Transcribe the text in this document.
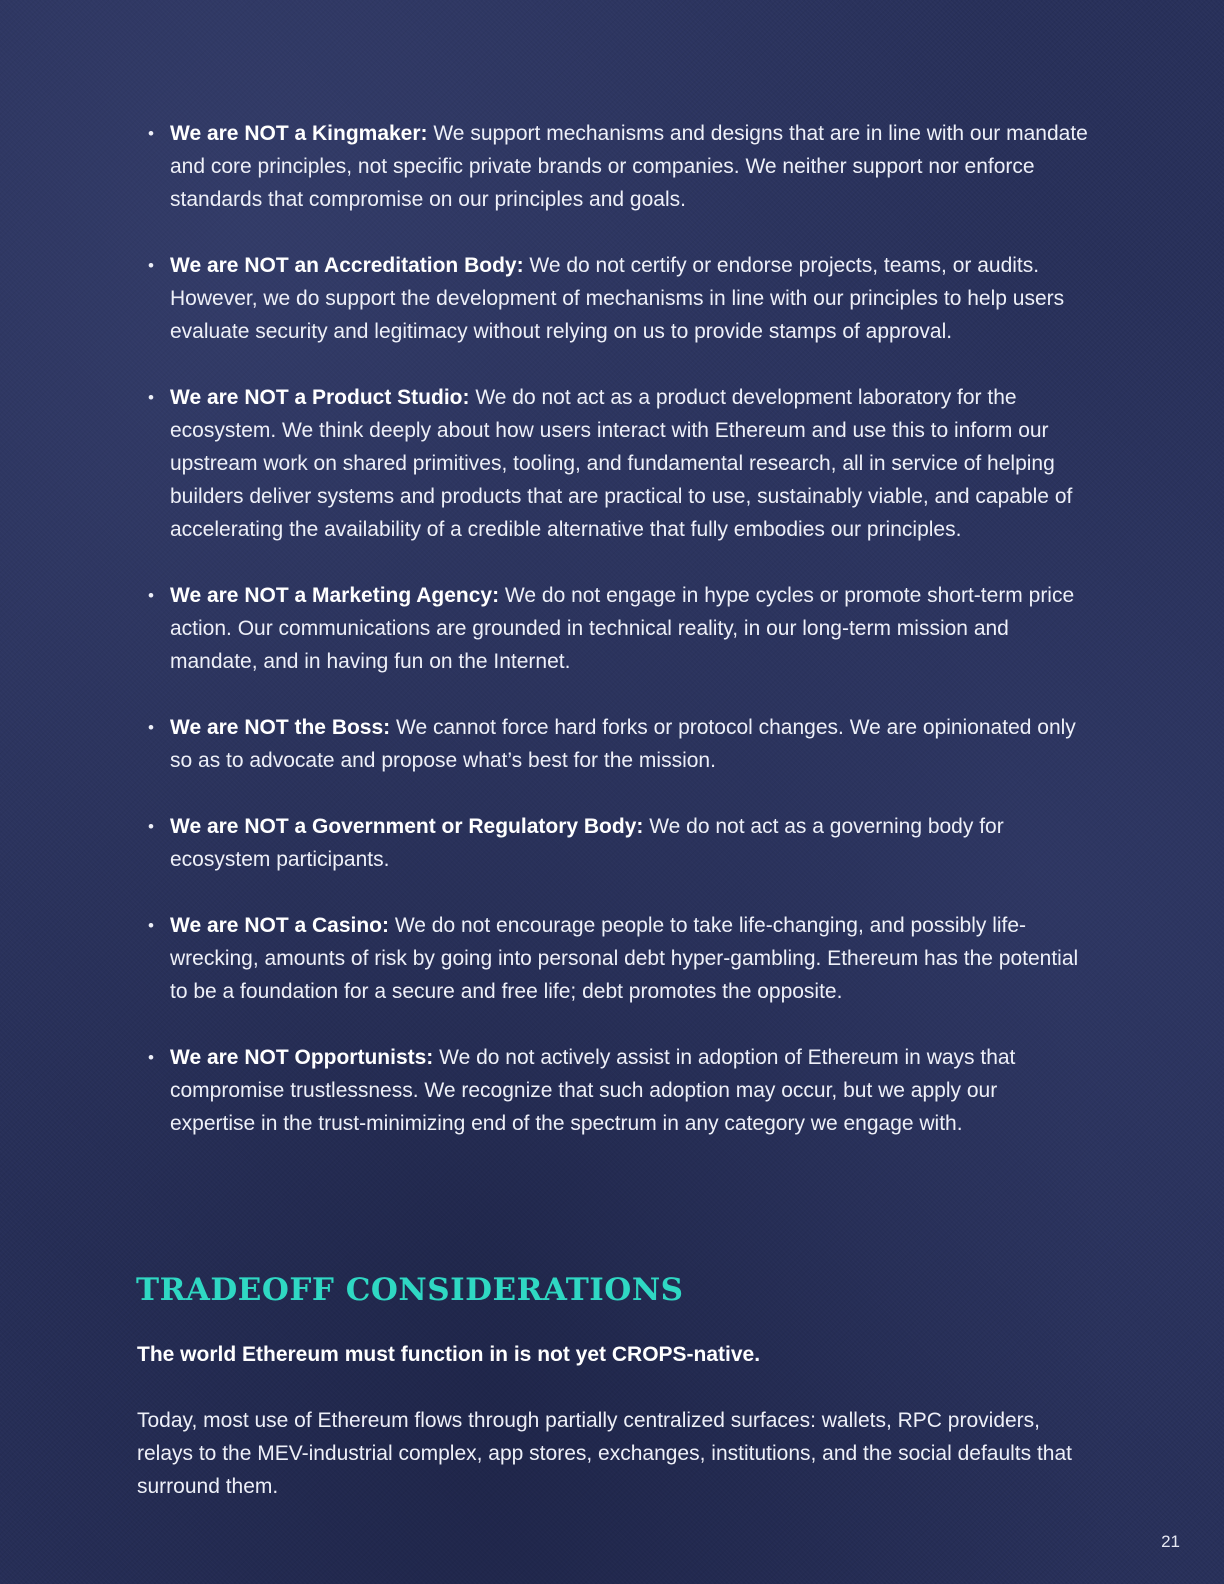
• We are NOT a Kingmaker: We support mechanisms and designs that are in line with our mandate and core principles, not specific private brands or companies. We neither support nor enforce standards that compromise on our principles and goals.
• We are NOT an Accreditation Body: We do not certify or endorse projects, teams, or audits. However, we do support the development of mechanisms in line with our principles to help users evaluate security and legitimacy without relying on us to provide stamps of approval.
• We are NOT a Product Studio: We do not act as a product development laboratory for the ecosystem. We think deeply about how users interact with Ethereum and use this to inform our upstream work on shared primitives, tooling, and fundamental research, all in service of helping builders deliver systems and products that are practical to use, sustainably viable, and capable of accelerating the availability of a credible alternative that fully embodies our principles.
• We are NOT a Marketing Agency: We do not engage in hype cycles or promote short-term price action. Our communications are grounded in technical reality, in our long-term mission and mandate, and in having fun on the Internet.
• We are NOT the Boss: We cannot force hard forks or protocol changes. We are opinionated only so as to advocate and propose what’s best for the mission.
• We are NOT a Government or Regulatory Body: We do not act as a governing body for ecosystem participants.
• We are NOT a Casino: We do not encourage people to take life-changing, and possibly life-wrecking, amounts of risk by going into personal debt hyper-gambling. Ethereum has the potential to be a foundation for a secure and free life; debt promotes the opposite.
• We are NOT Opportunists: We do not actively assist in adoption of Ethereum in ways that compromise trustlessness. We recognize that such adoption may occur, but we apply our expertise in the trust-minimizing end of the spectrum in any category we engage with.
TRADEOFF CONSIDERATIONS

The world Ethereum must function in is not yet CROPS-native.

Today, most use of Ethereum flows through partially centralized surfaces: wallets, RPC providers, relays to the MEV-industrial complex, app stores, exchanges, institutions, and the social defaults that surround them.

21
